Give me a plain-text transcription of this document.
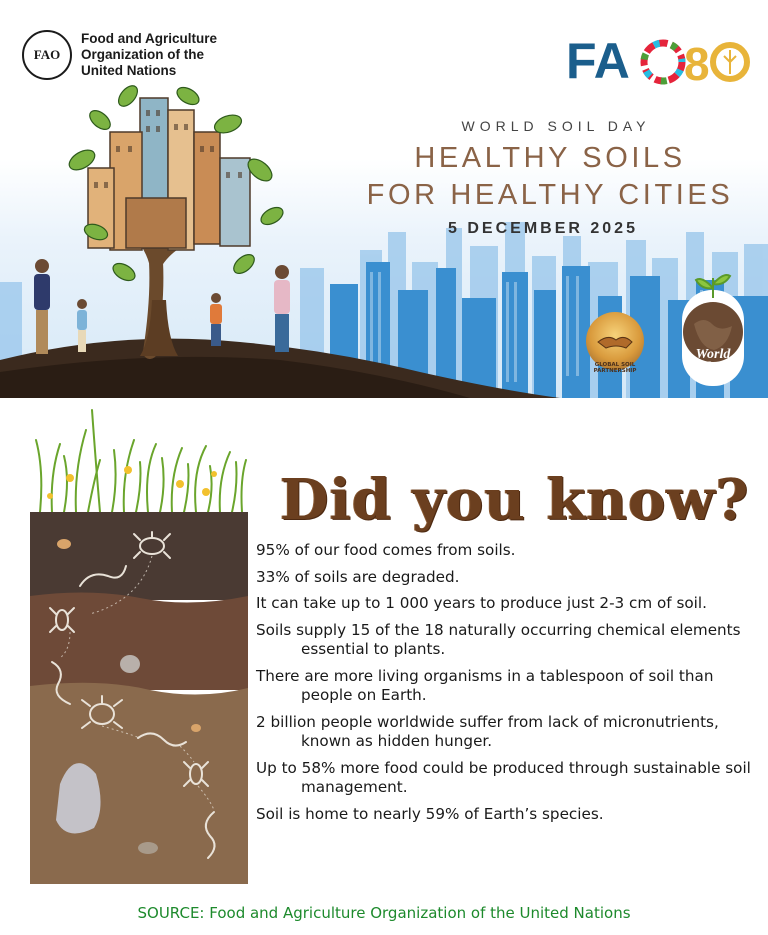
FAO
Food and Agriculture
Organization of the
United Nations	FA 8
WORLD SOIL DAY
HEALTHY SOILS
FOR HEALTHY CITIES
5 DECEMBER 2025
GLOBAL SOIL PARTNERSHIP
World Soil Day
Did you know?
95% of our food comes from soils.
33% of soils are degraded.
It can take up to 1 000 years to produce just 2-3 cm of soil.
Soils supply 15 of the 18 naturally occurring chemical elements essential to plants.
There are more living organisms in a tablespoon of soil than people on Earth.
2 billion people worldwide suffer from lack of micronutrients, known as hidden hunger.
Up to 58% more food could be produced through sustainable soil management.
Soil is home to nearly 59% of Earth’s species.
SOURCE: Food and Agriculture Organization of the United Nations
